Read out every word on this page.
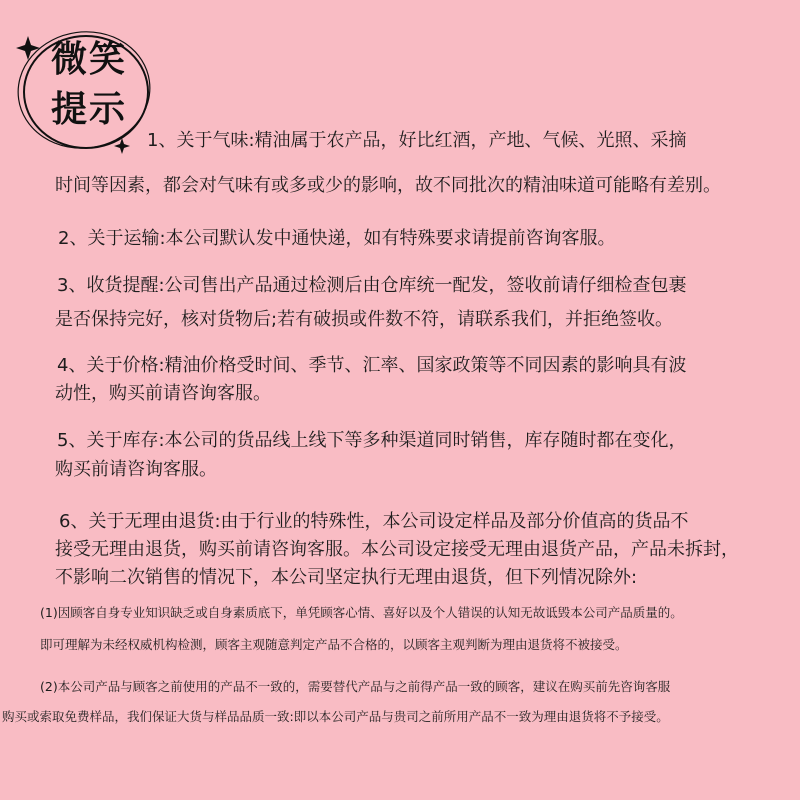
微笑
提示

1、关于气味:精油属于农产品，好比红酒，产地、气候、光照、采摘

时间等因素，都会对气味有或多或少的影响，故不同批次的精油味道可能略有差别。

2、关于运输:本公司默认发中通快递，如有特殊要求请提前咨询客服。

3、收货提醒:公司售出产品通过检测后由仓库统一配发，签收前请仔细检查包裹

是否保持完好，核对货物后;若有破损或件数不符，请联系我们，并拒绝签收。

4、关于价格:精油价格受时间、季节、汇率、国家政策等不同因素的影响具有波

动性，购买前请咨询客服。

5、关于库存:本公司的货品线上线下等多种渠道同时销售，库存随时都在变化，

购买前请咨询客服。

6、关于无理由退货:由于行业的特殊性，本公司设定样品及部分价值高的货品不

接受无理由退货，购买前请咨询客服。本公司设定接受无理由退货产品，产品未拆封，

不影响二次销售的情况下，本公司坚定执行无理由退货，但下列情况除外:

(1)因顾客自身专业知识缺乏或自身素质底下，单凭顾客心情、喜好以及个人错误的认知无故诋毁本公司产品质量的。

即可理解为未经权威机构检测，顾客主观随意判定产品不合格的，以顾客主观判断为理由退货将不被接受。

(2)本公司产品与顾客之前使用的产品不一致的，需要替代产品与之前得产品一致的顾客，建议在购买前先咨询客服

购买或索取免费样品，我们保证大货与样品品质一致:即以本公司产品与贵司之前所用产品不一致为理由退货将不予接受。
